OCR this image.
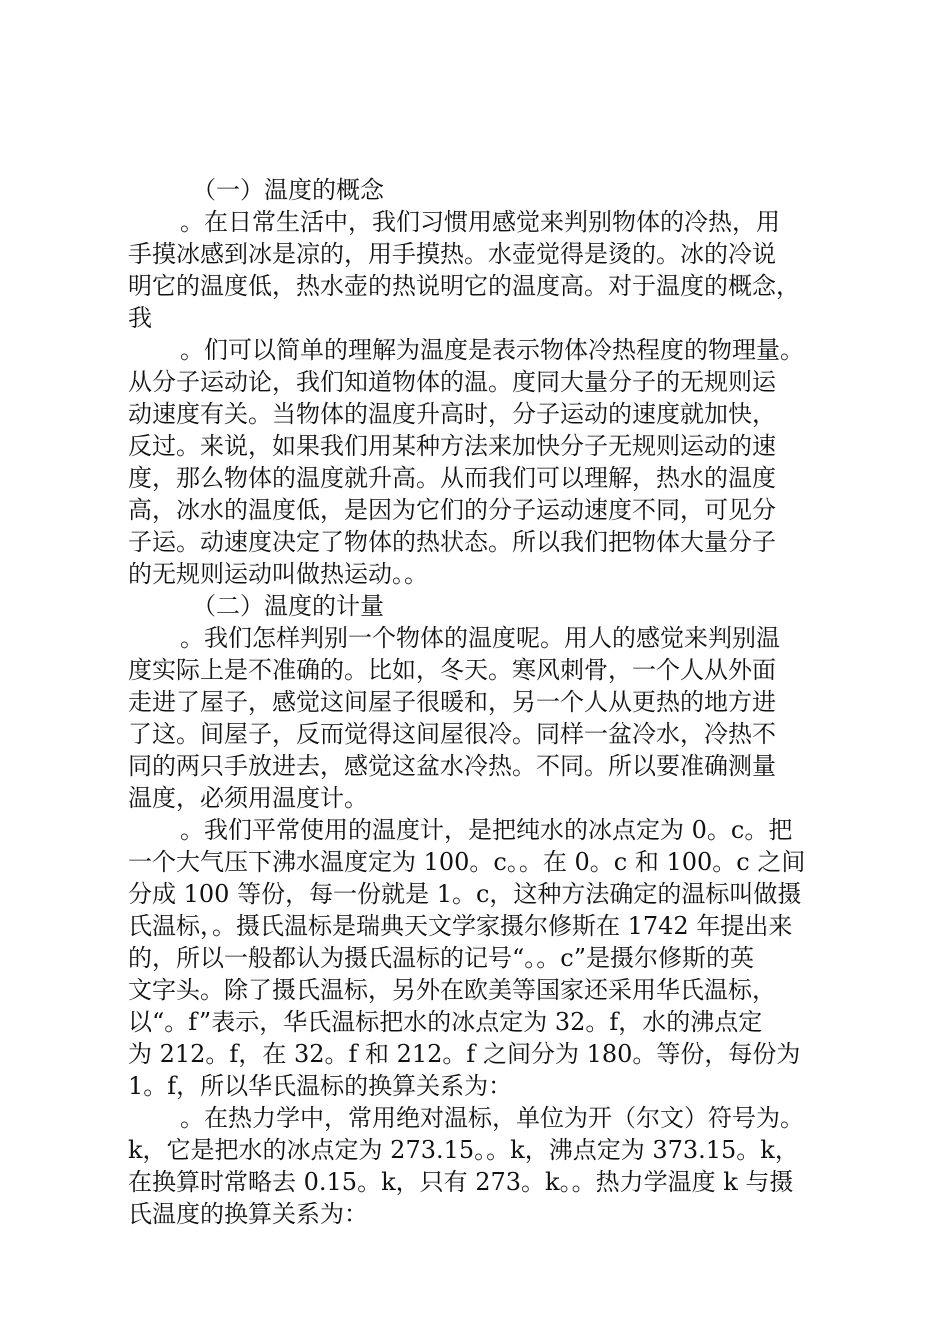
（一）温度的概念
。在日常生活中，我们习惯用感觉来判别物体的冷热，用
手摸冰感到冰是凉的，用手摸热。水壶觉得是烫的。冰的冷说
明它的温度低，热水壶的热说明它的温度高。对于温度的概念，
我
。们可以简单的理解为温度是表示物体冷热程度的物理量。
从分子运动论，我们知道物体的温。度同大量分子的无规则运
动速度有关。当物体的温度升高时，分子运动的速度就加快，
反过。来说，如果我们用某种方法来加快分子无规则运动的速
度，那么物体的温度就升高。从而我们可以理解，热水的温度
高，冰水的温度低，是因为它们的分子运动速度不同，可见分
子运。动速度决定了物体的热状态。所以我们把物体大量分子
的无规则运动叫做热运动。。
（二）温度的计量
。我们怎样判别一个物体的温度呢。用人的感觉来判别温
度实际上是不准确的。比如，冬天。寒风刺骨，一个人从外面
走进了屋子，感觉这间屋子很暖和，另一个人从更热的地方进
了这。间屋子，反而觉得这间屋很冷。同样一盆冷水，冷热不
同的两只手放进去，感觉这盆水冷热。不同。所以要准确测量
温度，必须用温度计。
。我们平常使用的温度计，是把纯水的冰点定为 0。c。把
一个大气压下沸水温度定为 100。c。。在 0。c 和 100。c 之间
分成 100 等份，每一份就是 1。c，这种方法确定的温标叫做摄
氏温标，。摄氏温标是瑞典天文学家摄尔修斯在 1742 年提出来
的，所以一般都认为摄氏温标的记号“。。c”是摄尔修斯的英
文字头。除了摄氏温标，另外在欧美等国家还采用华氏温标，
以“。f”表示，华氏温标把水的冰点定为 32。f，水的沸点定
为 212。f，在 32。f 和 212。f 之间分为 180。等份，每份为
1。f，所以华氏温标的换算关系为：
。在热力学中，常用绝对温标，单位为开（尔文）符号为。
k，它是把水的冰点定为 273.15。。k，沸点定为 373.15。k，
在换算时常略去 0.15。k，只有 273。k。。热力学温度 k 与摄
氏温度的换算关系为：
